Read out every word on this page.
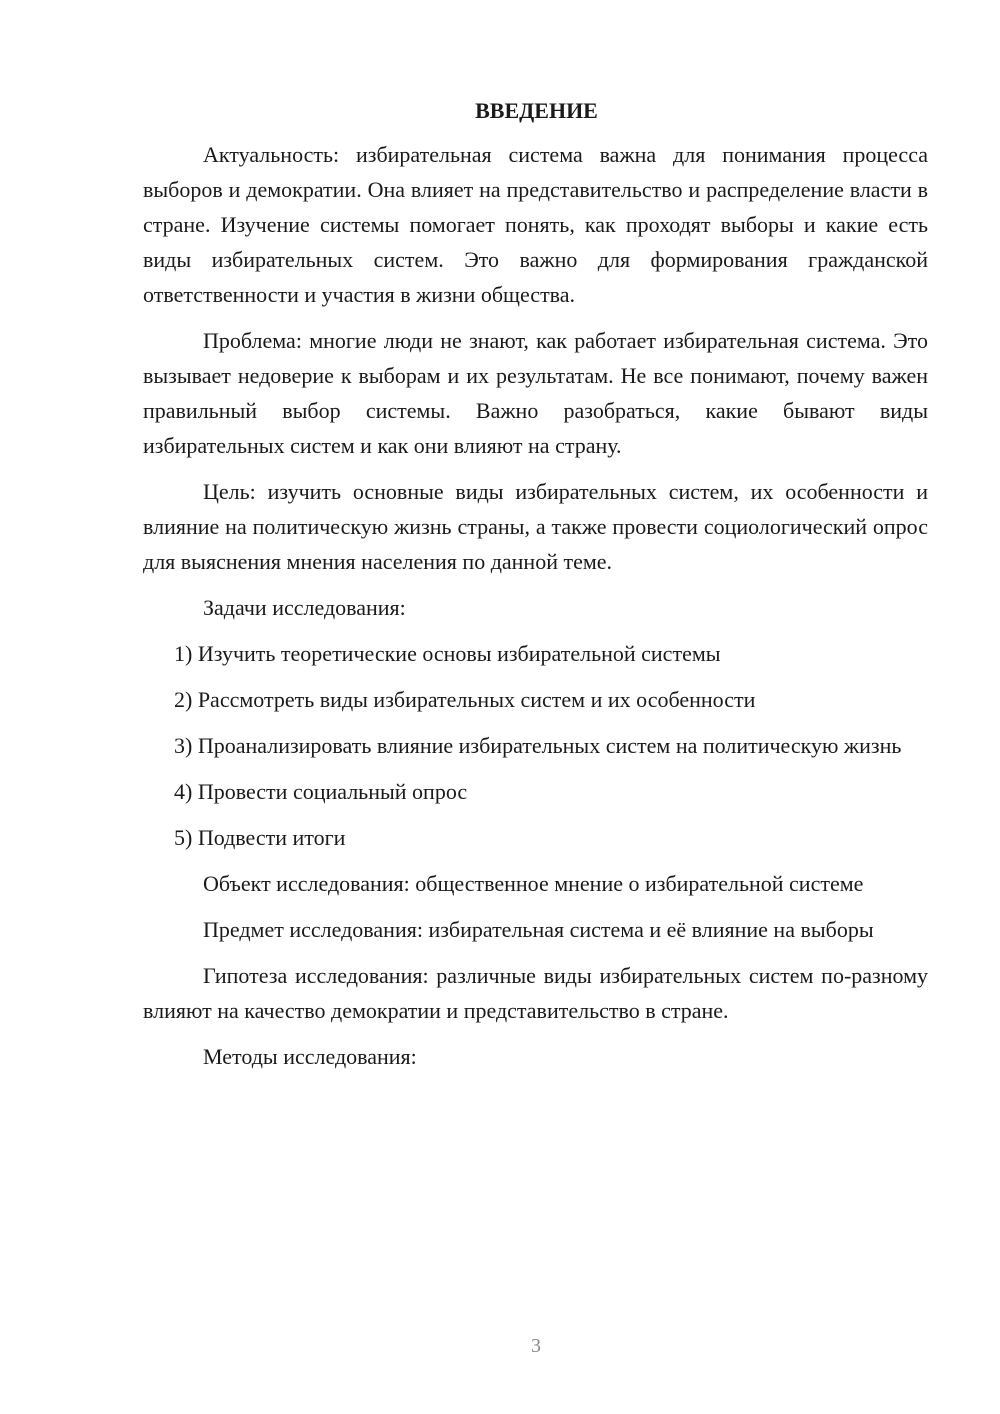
ВВЕДЕНИЕ

Актуальность: избирательная система важна для понимания процесса выборов и демократии. Она влияет на представительство и распределение власти в стране. Изучение системы помогает понять, как проходят выборы и какие есть виды избирательных систем. Это важно для формирования гражданской ответственности и участия в жизни общества.

Проблема: многие люди не знают, как работает избирательная система. Это вызывает недоверие к выборам и их результатам. Не все понимают, почему важен правильный выбор системы. Важно разобраться, какие бывают виды избирательных систем и как они влияют на страну.

Цель: изучить основные виды избирательных систем, их особенности и влияние на политическую жизнь страны, а также провести социологический опрос для выяснения мнения населения по данной теме.

Задачи исследования:

1) Изучить теоретические основы избирательной системы

2) Рассмотреть виды избирательных систем и их особенности

3) Проанализировать влияние избирательных систем на политическую жизнь

4) Провести социальный опрос

5) Подвести итоги

Объект исследования: общественное мнение о избирательной системе

Предмет исследования: избирательная система и её влияние на выборы

Гипотеза исследования: различные виды избирательных систем по-разному влияют на качество демократии и представительство в стране.

Методы исследования:

3
